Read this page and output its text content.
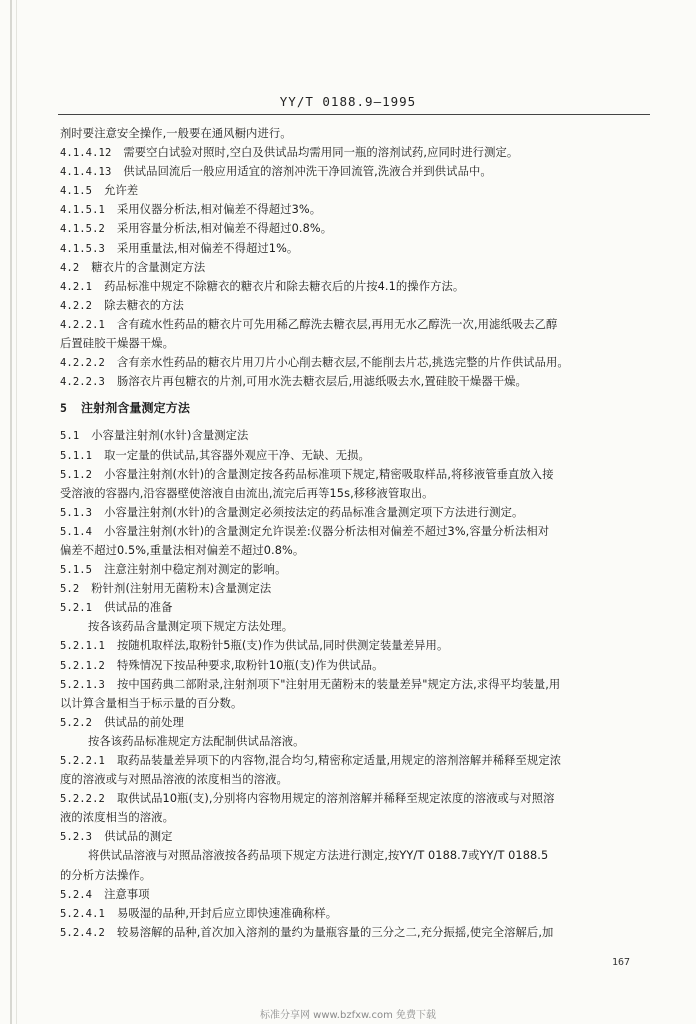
YY/T 0188.9—1995
剂时要注意安全操作,一般要在通风橱内进行。
4.1.4.12 需要空白试验对照时,空白及供试品均需用同一瓶的溶剂试药,应同时进行测定。
4.1.4.13 供试品回流后一般应用适宜的溶剂冲洗干净回流管,洗液合并到供试品中。
4.1.5 允许差
4.1.5.1 采用仪器分析法,相对偏差不得超过3%。
4.1.5.2 采用容量分析法,相对偏差不得超过0.8%。
4.1.5.3 采用重量法,相对偏差不得超过1%。
4.2 糖衣片的含量测定方法
4.2.1 药品标准中规定不除糖衣的糖衣片和除去糖衣后的片按4.1的操作方法。
4.2.2 除去糖衣的方法
4.2.2.1 含有疏水性药品的糖衣片可先用稀乙醇洗去糖衣层,再用无水乙醇洗一次,用滤纸吸去乙醇
后置硅胶干燥器干燥。
4.2.2.2 含有亲水性药品的糖衣片用刀片小心削去糖衣层,不能削去片芯,挑选完整的片作供试品用。
4.2.2.3 肠溶衣片再包糖衣的片剂,可用水洗去糖衣层后,用滤纸吸去水,置硅胶干燥器干燥。
5 注射剂含量测定方法
5.1 小容量注射剂(水针)含量测定法
5.1.1 取一定量的供试品,其容器外观应干净、无缺、无损。
5.1.2 小容量注射剂(水针)的含量测定按各药品标准项下规定,精密吸取样品,将移液管垂直放入接
受溶液的容器内,沿容器壁使溶液自由流出,流完后再等15s,移移液管取出。
5.1.3 小容量注射剂(水针)的含量测定必须按法定的药品标准含量测定项下方法进行测定。
5.1.4 小容量注射剂(水针)的含量测定允许误差:仪器分析法相对偏差不超过3%,容量分析法相对
偏差不超过0.5%,重量法相对偏差不超过0.8%。
5.1.5 注意注射剂中稳定剂对测定的影响。
5.2 粉针剂(注射用无菌粉末)含量测定法
5.2.1 供试品的准备
按各该药品含量测定项下规定方法处理。
5.2.1.1 按随机取样法,取粉针5瓶(支)作为供试品,同时供测定装量差异用。
5.2.1.2 特殊情况下按品种要求,取粉针10瓶(支)作为供试品。
5.2.1.3 按中国药典二部附录,注射剂项下"注射用无菌粉末的装量差异"规定方法,求得平均装量,用
以计算含量相当于标示量的百分数。
5.2.2 供试品的前处理
按各该药品标准规定方法配制供试品溶液。
5.2.2.1 取药品装量差异项下的内容物,混合均匀,精密称定适量,用规定的溶剂溶解并稀释至规定浓
度的溶液或与对照品溶液的浓度相当的溶液。
5.2.2.2 取供试品10瓶(支),分别将内容物用规定的溶剂溶解并稀释至规定浓度的溶液或与对照溶
液的浓度相当的溶液。
5.2.3 供试品的测定
将供试品溶液与对照品溶液按各药品项下规定方法进行测定,按YY/T 0188.7或YY/T 0188.5
的分析方法操作。
5.2.4 注意事项
5.2.4.1 易吸湿的品种,开封后应立即快速准确称样。
5.2.4.2 较易溶解的品种,首次加入溶剂的量约为量瓶容量的三分之二,充分振摇,使完全溶解后,加
167
标准分享网 www.bzfxw.com 免费下载
